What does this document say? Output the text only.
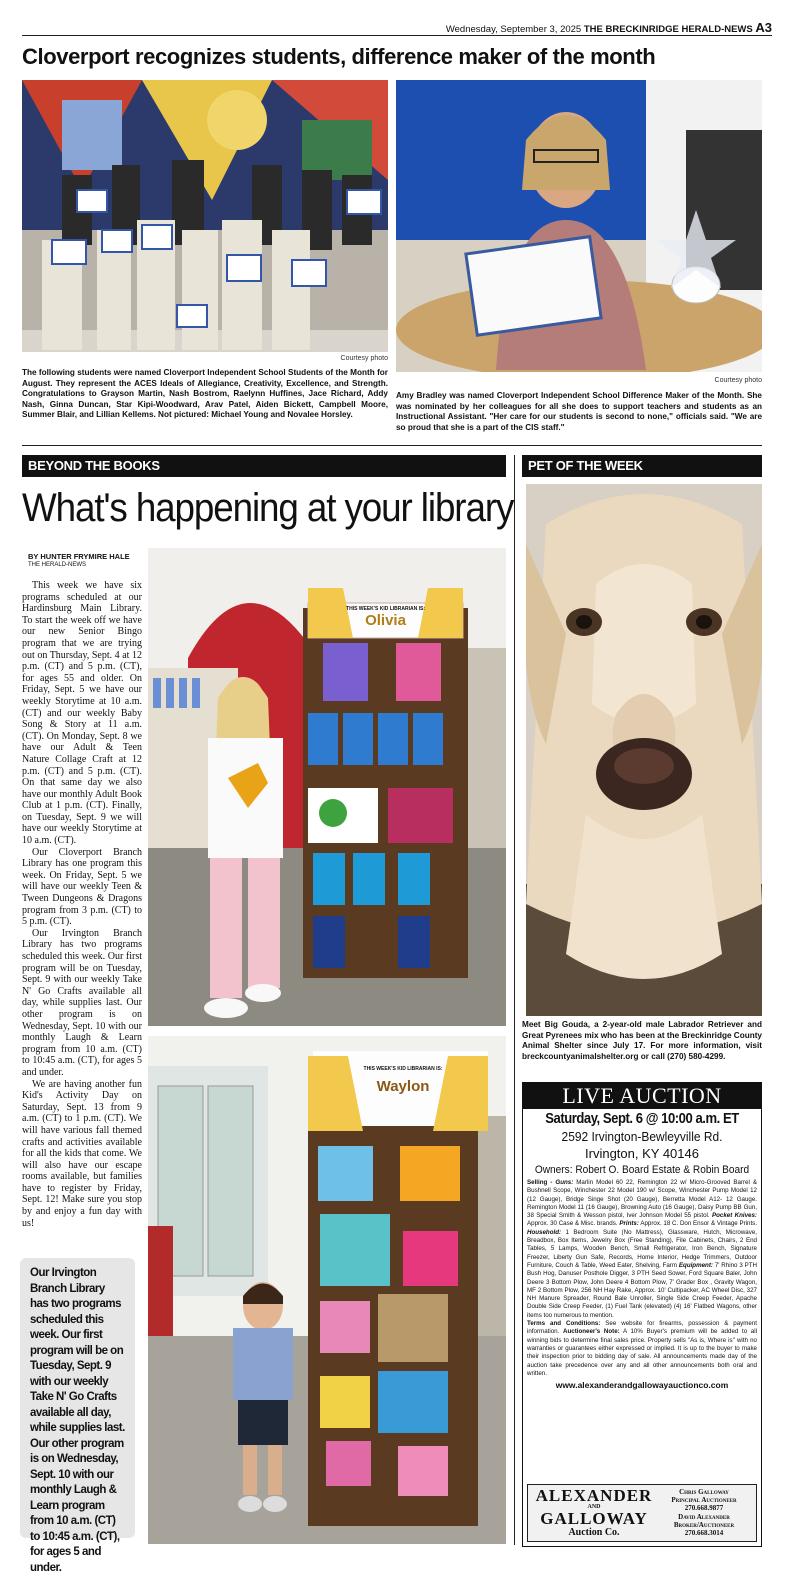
Wednesday, September 3, 2025 THE BRECKINRIDGE HERALD-NEWS A3
Cloverport recognizes students, difference maker of the month
Courtesy photo
The following students were named Cloverport Independent School Students of the Month for August. They represent the ACES Ideals of Allegiance, Creativity, Excellence, and Strength. Congratulations to Grayson Martin, Nash Bostrom, Raelynn Huffines, Jace Richard, Addy Nash, Ginna Duncan, Star Kipi-Woodward, Arav Patel, Aiden Bickett, Campbell Moore, Summer Blair, and Lillian Kellems. Not pictured: Michael Young and Novalee Horsley.
Courtesy photo
Amy Bradley was named Cloverport Independent School Difference Maker of the Month. She was nominated by her colleagues for all she does to support teachers and students as an Instructional Assistant. "Her care for our students is second to none," officials said. "We are so proud that she is a part of the CIS staff."
BEYOND THE BOOKS
What's happening at your library
BY HUNTER FRYMIRE HALE
THE HERALD-NEWS

This week we have six programs scheduled at our Hardinsburg Main Library. To start the week off we have our new Senior Bingo program that we are trying out on Thursday, Sept. 4 at 12 p.m. (CT) and 5 p.m. (CT), for ages 55 and older. On Friday, Sept. 5 we have our weekly Storytime at 10 a.m. (CT) and our weekly Baby Song & Story at 11 a.m. (CT). On Monday, Sept. 8 we have our Adult & Teen Nature Collage Craft at 12 p.m. (CT) and 5 p.m. (CT). On that same day we also have our monthly Adult Book Club at 1 p.m. (CT). Finally, on Tuesday, Sept. 9 we will have our weekly Storytime at 10 a.m. (CT).

Our Cloverport Branch Library has one program this week. On Friday, Sept. 5 we will have our weekly Teen & Tween Dungeons & Dragons program from 3 p.m. (CT) to 5 p.m. (CT).

Our Irvington Branch Library has two programs scheduled this week. Our first program will be on Tuesday, Sept. 9 with our weekly Take N' Go Crafts available all day, while supplies last. Our other program is on Wednesday, Sept. 10 with our monthly Laugh & Learn program from 10 a.m. (CT) to 10:45 a.m. (CT), for ages 5 and under.

We are having another fun Kid's Activity Day on Saturday, Sept. 13 from 9 a.m. (CT) to 1 p.m. (CT). We will have various fall themed crafts and activities available for all the kids that come. We will also have our escape rooms available, but families have to register by Friday, Sept. 12! Make sure you stop by and enjoy a fun day with us!

Our Irvington Branch Library has two programs scheduled this week. Our first program will be on Tuesday, Sept. 9 with our weekly Take N' Go Crafts available all day, while supplies last. Our other program is on Wednesday, Sept. 10 with our monthly Laugh & Learn program from 10 a.m. (CT) to 10:45 a.m. (CT), for ages 5 and under.
THIS WEEK'S KID LIBRARIAN IS:
Olivia
THIS WEEK'S KID LIBRARIAN IS:
Waylon
PET OF THE WEEK
Meet Big Gouda, a 2-year-old male Labrador Retriever and Great Pyrenees mix who has been at the Breckinridge County Animal Shelter since July 17. For more information, visit breckcountyanimalshelter.org or call (270) 580-4299.
LIVE AUCTION
Saturday, Sept. 6 @ 10:00 a.m. ET
2592 Irvington-Bewleyville Rd.
Irvington, KY 40146
Owners: Robert O. Board Estate & Robin Board
Selling - Guns: Marlin Model 60 22, Remington 22 w/ Micro-Grooved Barrel & Bushnell Scope, Winchester 22 Model 190 w/ Scope, Winchester Pump Model 12 (12 Gauge), Bridge Singe Shot (20 Gauge), Berretta Model A12- 12 Gauge. Remington Model 11 (16 Gauge), Browning Auto (16 Gauge), Daisy Pump BB Gun, 38 Special Smith & Wesson pistol, Iver Johnson Model 55 pistol. Pocket Knives: Approx. 30 Case & Misc. brands. Prints: Approx. 18 C. Don Ensor & Vintage Prints. Household: 1 Bedroom Suite (No Mattress), Glassware, Hutch, Microwave, Breadbox, Box Items, Jewelry Box (Free Standing), File Cabinets, Chairs, 2 End Tables, 5 Lamps, Wooden Bench, Small Refrigerator, Iron Bench, Signature Freezer, Liberty Gun Safe, Records, Home Interior, Hedge Trimmers, Outdoor Furniture, Couch & Table, Weed Eater, Shelving, Farm Equipment: 7' Rhino 3 PTH Bush Hog, Danuser Posthole Digger, 3 PTH Seed Sower, Ford Square Baler, John Deere 3 Bottom Plow, John Deere 4 Bottom Plow, 7' Grader Box , Gravity Wagon, MF 2 Bottom Plow, 256 NH Hay Rake, Approx. 10' Cultipacker, AC Wheel Disc, 327 NH Manure Spreader, Round Bale Unroller, Single Side Creep Feeder, Apache Double Side Creep Feeder, (1) Fuel Tank (elevated) (4) 16' Flatbed Wagons, other items too numerous to mention.
Terms and Conditions: See website for firearms, possession & payment information. Auctioneer's Note: A 10% Buyer's premium will be added to all winning bids to determine final sales price. Property sells "As is, Where is" with no warranties or guarantees either expressed or implied. It is up to the buyer to make their inspection prior to bidding day of sale. All announcements made day of the auction take precedence over any and all other announcements both oral and written.
www.alexanderandgallowayauctionco.com
ALEXANDER
AND
GALLOWAY
Auction Co.
Chris Galloway
Principal Auctioneer
270.668.9877
David Alexander
Broker/Auctioneer
270.668.3014
